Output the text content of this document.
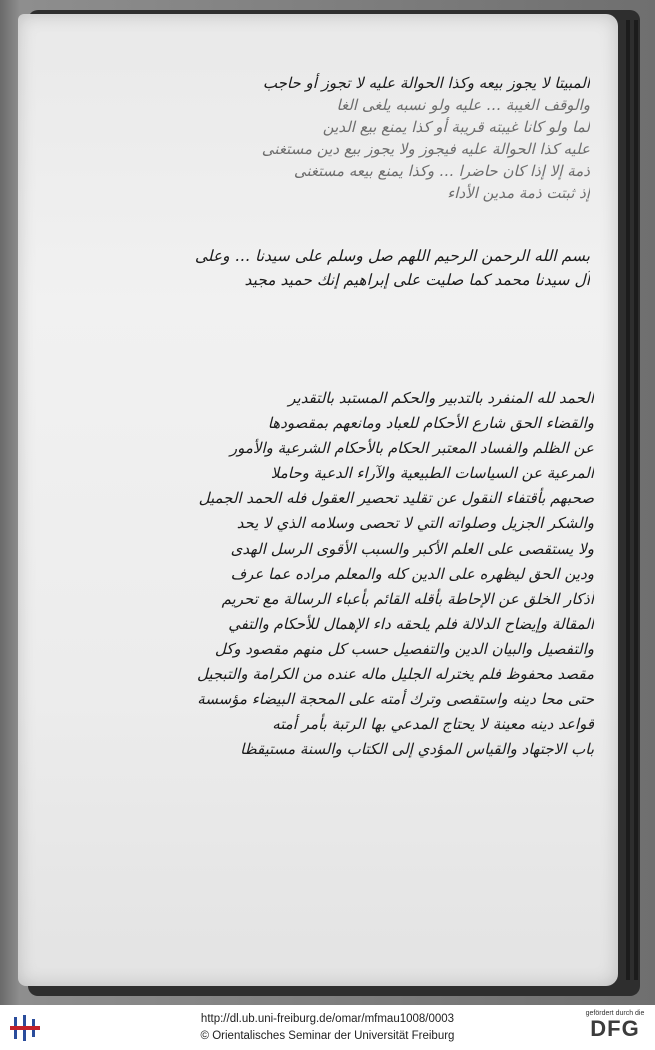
المبيتا لا يجوز بيعه وكذا الحوالة عليه لا تجوز أو حاجب
والوقف الغيبة … عليه ولو نسبه يلغى الغا
لما ولو كانا غيبته قريبة أو كذا يمنع بيع الدين
عليه كذا الحوالة عليه فيجوز ولا يجوز بيع دين مستغنى
ذمة إلا إذا كان حاضرا … وكذا يمنع بيعه مستغنى
إذ ثبتت ذمة مدين الأداء
بسم الله الرحمن الرحيم اللهم صل وسلم على سيدنا … وعلى
آل سيدنا محمد كما صليت على إبراهيم إنك حميد مجيد
الحمد لله المنفرد بالتدبير والحكم المستبد بالتقدير
والقضاء الحق شارع الأحكام للعباد ومانعهم بمقصودها
عن الظلم والفساد المعتبر الحكام بالأحكام الشرعية والأمور
المرعية عن السياسات الطبيعية والآراء الدعية وحاملا
صحبهم بأقتفاء النقول عن تقليد تحصير العقول فله الحمد الجميل
والشكر الجزيل وصلواته التي لا تحصى وسلامه الذي لا يحد
ولا يستقصى على العلم الأكبر والسبب الأقوى الرسل الهدى
ودين الحق ليظهره على الدين كله والمعلم مراده عما عرف
أذكار الخلق عن الإحاطة بأقله القائم بأعباء الرسالة مع تحريم
المقالة وإيضاح الدلالة فلم يلحقه داء الإهمال للأحكام والتفي
والتفصيل والبيان الدين والتفصيل حسب كل منهم مقصود وكل
مقصد محفوظ فلم يخترله الجليل ماله عنده من الكرامة والتبجيل
حتى محا دينه واستقصى وترك أمته على المحجة البيضاء مؤسسة
قواعد دينه معينة لا يحتاج المدعي بها الرتبة بأمر أمته
باب الاجتهاد والقياس المؤدي إلى الكتاب والسنة مستيقظا
http://dl.ub.uni-freiburg.de/omar/mfmau1008/0003
© Orientalisches Seminar der Universität Freiburg
gefördert durch die
DFG
